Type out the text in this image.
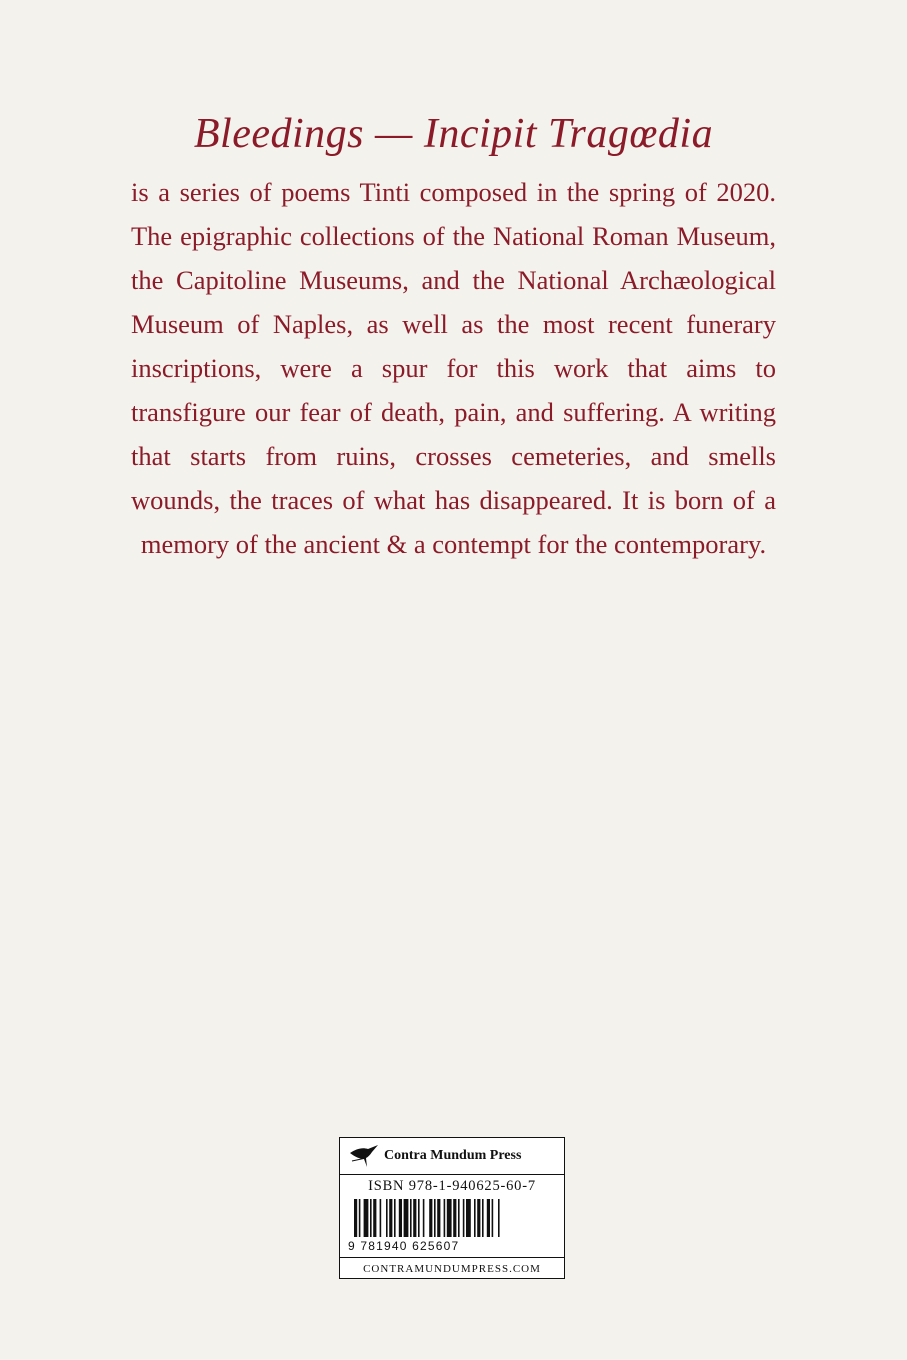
Bleedings — Incipit Tragœdia
is a series of poems Tinti composed in the spring of 2020. The epigraphic collections of the National Roman Museum, the Capitoline Museums, and the National Archæological Museum of Naples, as well as the most recent funerary inscriptions, were a spur for this work that aims to transfigure our fear of death, pain, and suffering. A writing that starts from ruins, crosses cemeteries, and smells wounds, the traces of what has disappeared. It is born of a memory of the ancient & a contempt for the contemporary.
Contra Mundum Press
ISBN 978-1-940625-60-7
9 781940 625607
CONTRAMUNDUMPRESS.COM
